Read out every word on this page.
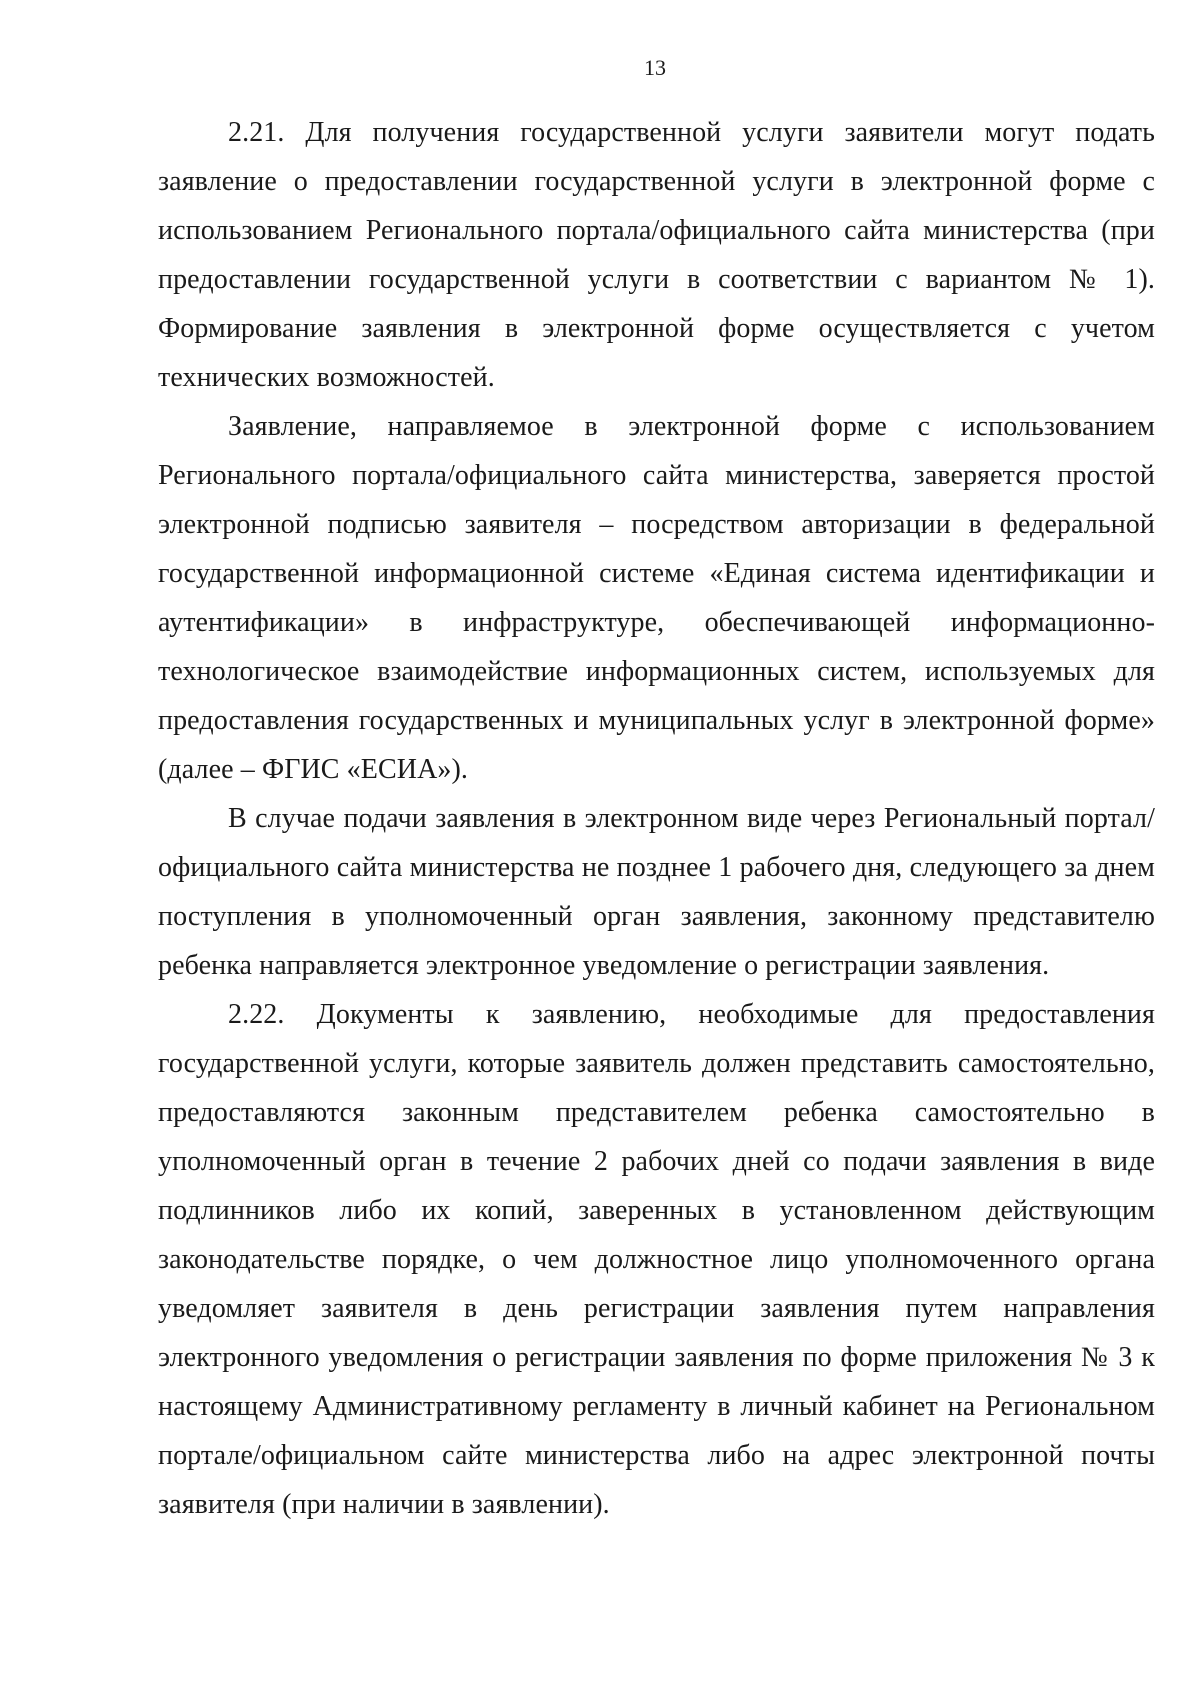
13

2.21. Для получения государственной услуги заявители могут подать заявление о предоставлении государственной услуги в электронной форме с использованием Регионального портала/официального сайта министерства (при предоставлении государственной услуги в соответствии с вариантом № 1). Формирование заявления в электронной форме осуществляется с учетом технических возможностей.

Заявление, направляемое в электронной форме с использованием Регионального портала/официального сайта министерства, заверяется простой электронной подписью заявителя – посредством авторизации в федеральной государственной информационной системе «Единая система идентификации и аутентификации» в инфраструктуре, обеспечивающей информационно-технологическое взаимодействие информационных систем, используемых для предоставления государственных и муниципальных услуг в электронной форме» (далее – ФГИС «ЕСИА»).

В случае подачи заявления в электронном виде через Региональный портал/официального сайта министерства не позднее 1 рабочего дня, следующего за днем поступления в уполномоченный орган заявления, законному представителю ребенка направляется электронное уведомление о регистрации заявления.

2.22. Документы к заявлению, необходимые для предоставления государственной услуги, которые заявитель должен представить самостоятельно, предоставляются законным представителем ребенка самостоятельно в уполномоченный орган в течение 2 рабочих дней со подачи заявления в виде подлинников либо их копий, заверенных в установленном действующим законодательстве порядке, о чем должностное лицо уполномоченного органа уведомляет заявителя в день регистрации заявления путем направления электронного уведомления о регистрации заявления по форме приложения № 3 к настоящему Административному регламенту в личный кабинет на Региональном портале/официальном сайте министерства либо на адрес электронной почты заявителя (при наличии в заявлении).
